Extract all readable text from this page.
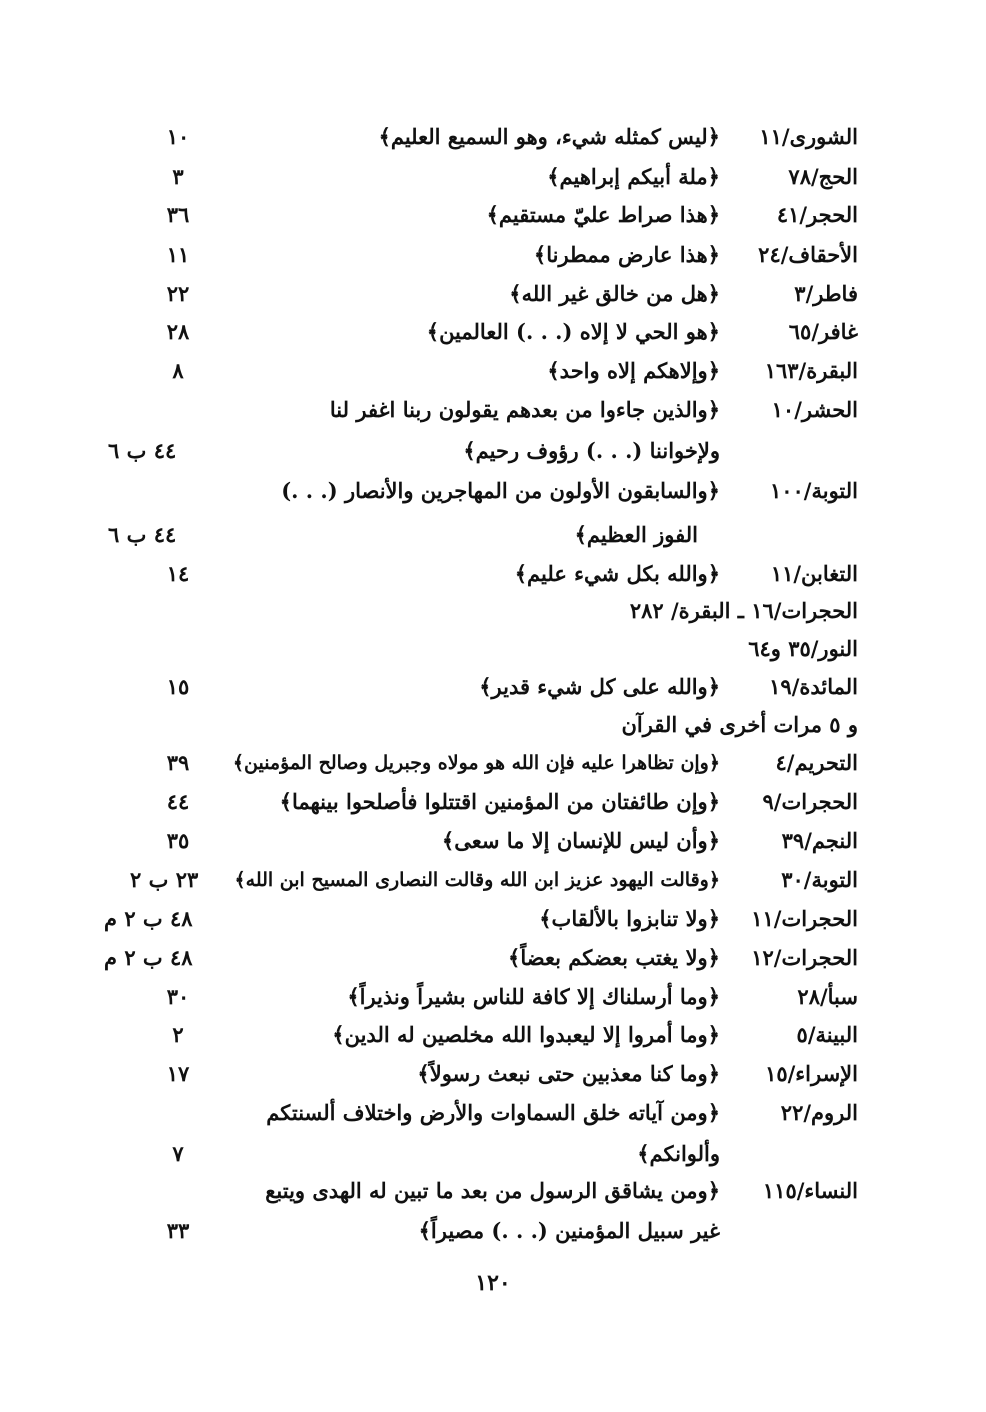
الشورى/١١
﴿ليس كمثله شيء، وهو السميع العليم﴾
١٠
الحج/٧٨
﴿ملة أبيكم إبراهيم﴾
٣
الحجر/٤١
﴿هذا صراط عليّ مستقيم﴾
٣٦
الأحقاف/٢٤
﴿هذا عارض ممطرنا﴾
١١
فاطر/٣
﴿هل من خالق غير الله﴾
٢٢
غافر/٦٥
﴿هو الحي لا إلاه (. . .) العالمين﴾
٢٨
البقرة/١٦٣
﴿وإلاهكم إلاه واحد﴾
٨
الحشر/١٠
﴿والذين جاءوا من بعدهم يقولون ربنا اغفر لنا
ولإخواننا (. . .) رؤوف رحيم﴾
٤٤ ب ٦
التوبة/١٠٠
﴿والسابقون الأولون من المهاجرين والأنصار (. . .)
الفوز العظيم﴾
٤٤ ب ٦
التغابن/١١
﴿والله بكل شيء عليم﴾
١٤
الحجرات/١٦ ـ البقرة/ ٢٨٢
النور/٣٥ و٦٤
المائدة/١٩
﴿والله على كل شيء قدير﴾
١٥
و ٥ مرات أخرى في القرآن
التحريم/٤
﴿وإن تظاهرا عليه فإن الله هو مولاه وجبريل وصالح المؤمنين﴾
٣٩
الحجرات/٩
﴿وإن طائفتان من المؤمنين اقتتلوا فأصلحوا بينهما﴾
٤٤
النجم/٣٩
﴿وأن ليس للإنسان إلا ما سعى﴾
٣٥
التوبة/٣٠
﴿وقالت اليهود عزيز ابن الله وقالت النصارى المسيح ابن الله﴾
٢٣ ب ٢
الحجرات/١١
﴿ولا تنابزوا بالألقاب﴾
٤٨ ب ٢ م
الحجرات/١٢
﴿ولا يغتب بعضكم بعضاً﴾
٤٨ ب ٢ م
سبأ/٢٨
﴿وما أرسلناك إلا كافة للناس بشيراً ونذيراً﴾
٣٠
البينة/٥
﴿وما أمروا إلا ليعبدوا الله مخلصين له الدين﴾
٢
الإسراء/١٥
﴿وما كنا معذبين حتى نبعث رسولاً﴾
١٧
الروم/٢٢
﴿ومن آياته خلق السماوات والأرض واختلاف ألسنتكم
وألوانكم﴾
٧
النساء/١١٥
﴿ومن يشاقق الرسول من بعد ما تبين له الهدى ويتبع
غير سبيل المؤمنين (. . .) مصيراً﴾
٣٣
١٢٠
